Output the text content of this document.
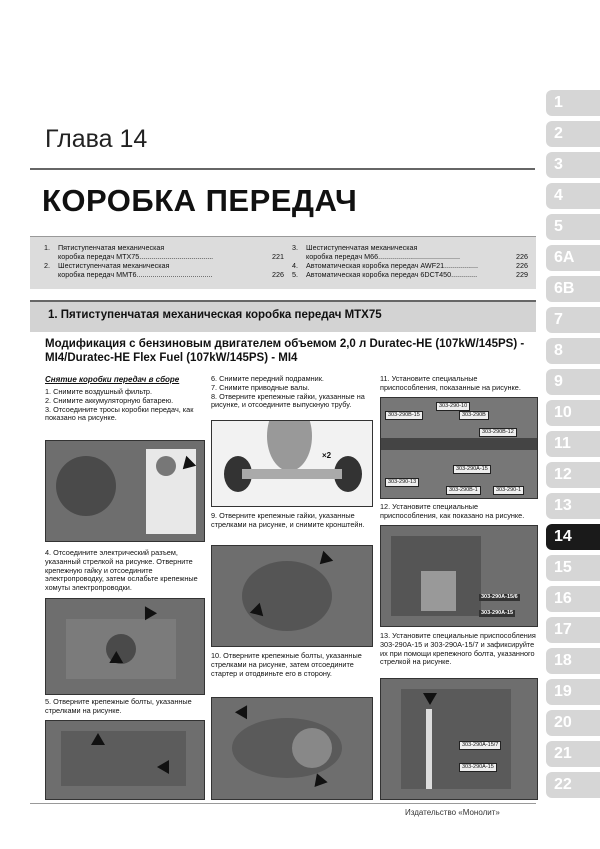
Глава 14
КОРОБКА ПЕРЕДАЧ
1.	Пятиступенчатая механическая
коробка передач MTX75.....................................	221
2.	Шестиступенчатая механическая
коробка передач MMT6......................................	226
3.	Шестиступенчатая механическая
коробка передач M66.........................................	226
4.	Автоматическая коробка передач AWF21.................	226
5.	Автоматическая коробка передач 6DCT450.............	229
1. Пятиступенчатая механическая коробка передач MTX75
Модификация с бензиновым двигателем объемом 2,0 л Duratec-HE (107kW/145PS) - MI4/Duratec-HE Flex Fuel (107kW/145PS) - MI4
Снятие коробки передач в сборе
1. Снимите воздушный фильтр.
2. Снимите аккумуляторную батарею.
3. Отсоедините тросы коробки передач, как показано на рисунке.
4. Отсоедините электрический разъем, указанный стрелкой на рисунке. Отверните крепежную гайку и отсоедините электропроводку, затем ослабьте крепежные хомуты электропроводки.
5. Отверните крепежные болты, указанные стрелками на рисунке.
6. Снимите передний подрамник.
7. Снимите приводные валы.
8. Отверните крепежные гайки, указанные на рисунке, и отсоедините выпускную трубу.
×2
9. Отверните крепежные гайки, указанные стрелками на рисунке, и снимите кронштейн.
10. Отверните крепежные болты, указанные стрелками на рисунке, затем отсоедините стартер и отодвиньте его в сторону.
11. Установите специальные приспособления, показанные на рисунке.
303-290-10
303-290B-15	303-290B
303-290B-12
303-290A-15
303-290-13
303-290B-1	303-290-1
12. Установите специальные приспособления, как показано на рисунке.
303-290A-15/6
303-290A-15
13. Установите специальные приспособления 303-290A-15 и 303-290A-15/7 и зафиксируйте их при помощи крепежного болта, указанного стрелкой на рисунке.
303-290A-15/7
303-290A-15
1
2
3
4
5
6A
6B
7
8
9
10
11
12
13
14
15
16
17
18
19
20
21
22
Издательство «Монолит»
